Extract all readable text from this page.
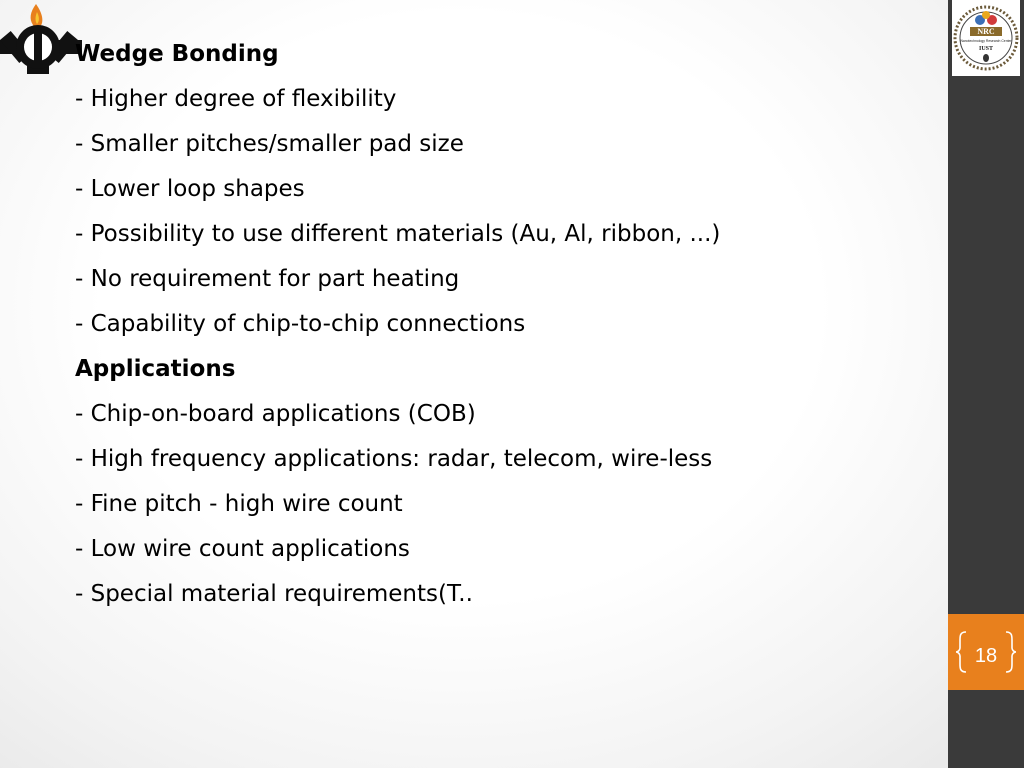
Wedge Bonding
- Higher degree of flexibility
- Smaller pitches/smaller pad size
- Lower loop shapes
- Possibility to use different materials (Au, Al, ribbon, ...)
- No requirement for part heating
- Capability of chip-to-chip connections
Applications
- Chip-on-board applications (COB)
- High frequency applications: radar, telecom, wire-less
- Fine pitch - high wire count
- Low wire count applications
- Special material requirements(T..
NRC
Nanotechnology Research Center
IUST
18
